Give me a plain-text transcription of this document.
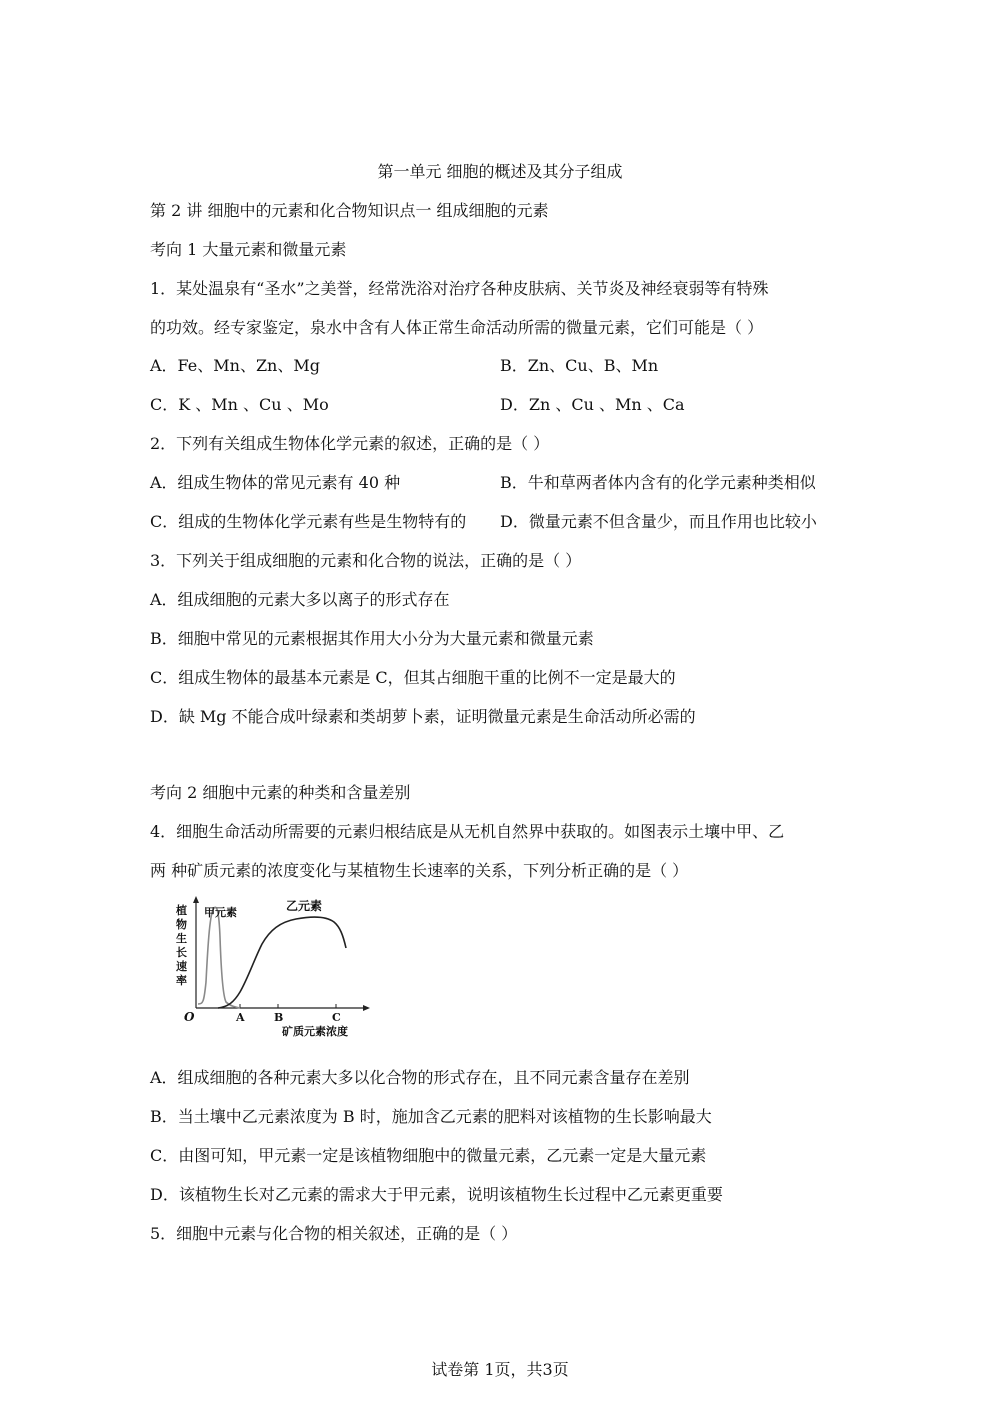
第一单元 细胞的概述及其分子组成
第 2 讲 细胞中的元素和化合物知识点一 组成细胞的元素
考向 1 大量元素和微量元素
1．某处温泉有“圣水”之美誉，经常洗浴对治疗各种皮肤病、关节炎及神经衰弱等有特殊
的功效。经专家鉴定，泉水中含有人体正常生命活动所需的微量元素，它们可能是（ ）
A．Fe、Mn、Zn、Mg	B．Zn、Cu、B、Mn
C．K 、Mn 、Cu 、Mo	D．Zn 、Cu 、Mn 、Ca
2．下列有关组成生物体化学元素的叙述，正确的是（ ）
A．组成生物体的常见元素有 40 种	B．牛和草两者体内含有的化学元素种类相似
C．组成的生物体化学元素有些是生物特有的 D．微量元素不但含量少，而且作用也比较小
3．下列关于组成细胞的元素和化合物的说法，正确的是（ ）
A．组成细胞的元素大多以离子的形式存在
B．细胞中常见的元素根据其作用大小分为大量元素和微量元素
C．组成生物体的最基本元素是 C，但其占细胞干重的比例不一定是最大的
D．缺 Mg 不能合成叶绿素和类胡萝卜素，证明微量元素是生命活动所必需的
考向 2 细胞中元素的种类和含量差别
4．细胞生命活动所需要的元素归根结底是从无机自然界中获取的。如图表示土壤中甲、乙
两 种矿质元素的浓度变化与某植物生长速率的关系，下列分析正确的是（ ）
植
物
生
长
速
率
甲元素	乙元素
O	A	B	C
矿质元素浓度
A．组成细胞的各种元素大多以化合物的形式存在，且不同元素含量存在差别
B．当土壤中乙元素浓度为 B 时，施加含乙元素的肥料对该植物的生长影响最大
C．由图可知，甲元素一定是该植物细胞中的微量元素，乙元素一定是大量元素
D．该植物生长对乙元素的需求大于甲元素，说明该植物生长过程中乙元素更重要
5．细胞中元素与化合物的相关叙述，正确的是（ ）
试卷第 1页，共3页
